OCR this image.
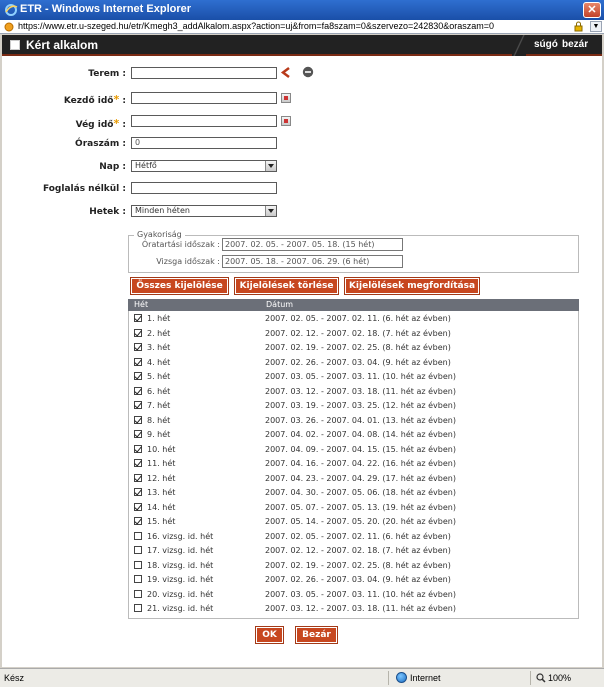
ETR - Windows Internet Explorer	✕
https://www.etr.u-szeged.hu/etr/Kmegh3_addAlkalom.aspx?action=uj&from=fa8szam=0&szervezo=242830&oraszam=0	▼
Kért alkalom	súgó bezár
Terem :
Kezdő idő* :
Vég idő* :
Óraszám :	0
Nap :	Hétfő
Foglalás nélkül :
Hetek :	Minden héten
Gyakoriság
Óratartási időszak : 2007. 02. 05. - 2007. 05. 18. (15 hét)
Vizsga időszak : 2007. 05. 18. - 2007. 06. 29. (6 hét)
Összes kijelölése	Kijelölések törlése	Kijelölések megfordítása
Hét	Dátum
1. hét	2007. 02. 05. - 2007. 02. 11. (6. hét az évben)
2. hét	2007. 02. 12. - 2007. 02. 18. (7. hét az évben)
3. hét	2007. 02. 19. - 2007. 02. 25. (8. hét az évben)
4. hét	2007. 02. 26. - 2007. 03. 04. (9. hét az évben)
5. hét	2007. 03. 05. - 2007. 03. 11. (10. hét az évben)
6. hét	2007. 03. 12. - 2007. 03. 18. (11. hét az évben)
7. hét	2007. 03. 19. - 2007. 03. 25. (12. hét az évben)
8. hét	2007. 03. 26. - 2007. 04. 01. (13. hét az évben)
9. hét	2007. 04. 02. - 2007. 04. 08. (14. hét az évben)
10. hét	2007. 04. 09. - 2007. 04. 15. (15. hét az évben)
11. hét	2007. 04. 16. - 2007. 04. 22. (16. hét az évben)
12. hét	2007. 04. 23. - 2007. 04. 29. (17. hét az évben)
13. hét	2007. 04. 30. - 2007. 05. 06. (18. hét az évben)
14. hét	2007. 05. 07. - 2007. 05. 13. (19. hét az évben)
15. hét	2007. 05. 14. - 2007. 05. 20. (20. hét az évben)
16. vizsg. id. hét	2007. 02. 05. - 2007. 02. 11. (6. hét az évben)
17. vizsg. id. hét	2007. 02. 12. - 2007. 02. 18. (7. hét az évben)
18. vizsg. id. hét	2007. 02. 19. - 2007. 02. 25. (8. hét az évben)
19. vizsg. id. hét	2007. 02. 26. - 2007. 03. 04. (9. hét az évben)
20. vizsg. id. hét	2007. 03. 05. - 2007. 03. 11. (10. hét az évben)
21. vizsg. id. hét	2007. 03. 12. - 2007. 03. 18. (11. hét az évben)
OK	Bezár
Kész	Internet	100%
